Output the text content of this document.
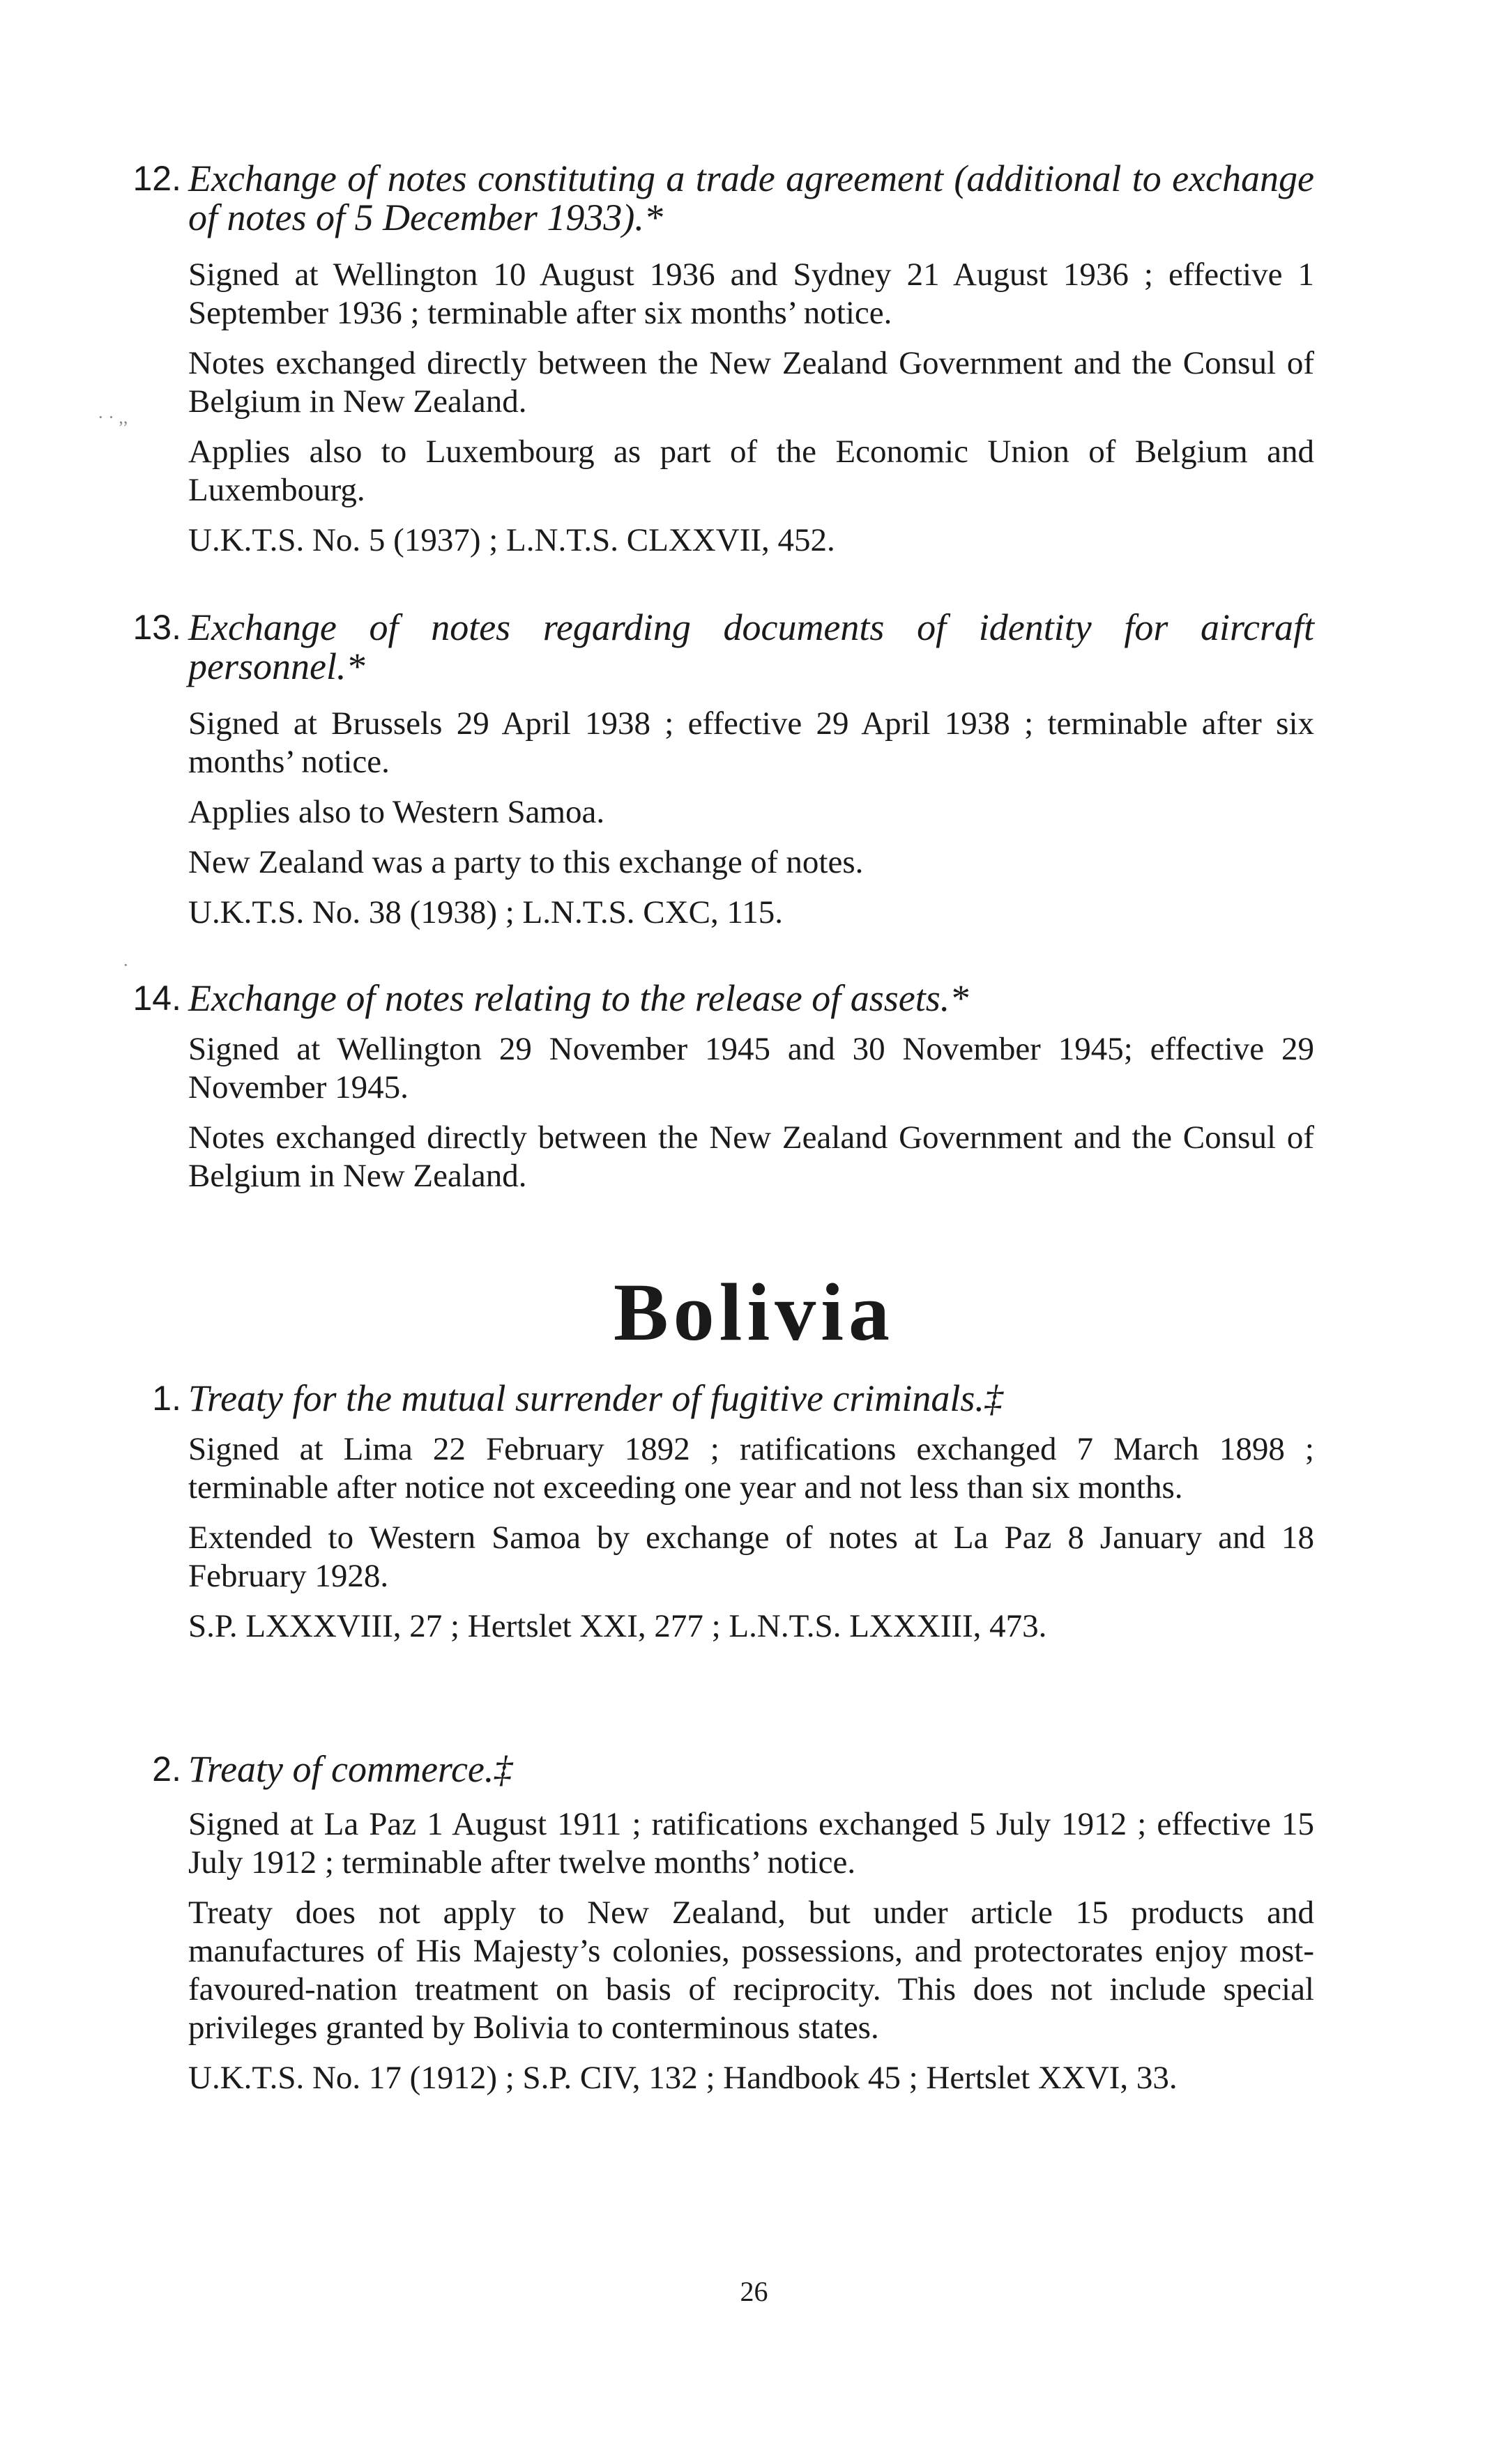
12. Exchange of notes constituting a trade agreement (additional to exchange of notes of 5 December 1933).*

Signed at Wellington 10 August 1936 and Sydney 21 August 1936 ; effective 1 September 1936 ; terminable after six months’ notice.

Notes exchanged directly between the New Zealand Government and the Consul of Belgium in New Zealand.

Applies also to Luxembourg as part of the Economic Union of Belgium and Luxembourg.

U.K.T.S. No. 5 (1937) ; L.N.T.S. CLXXVII, 452.

· · ,,
13. Exchange of notes regarding documents of identity for aircraft personnel.*

Signed at Brussels 29 April 1938 ; effective 29 April 1938 ; terminable after six months’ notice.

Applies also to Western Samoa.

New Zealand was a party to this exchange of notes.

U.K.T.S. No. 38 (1938) ; L.N.T.S. CXC, 115.

·
14. Exchange of notes relating to the release of assets.*

Signed at Wellington 29 November 1945 and 30 November 1945; effective 29 November 1945.

Notes exchanged directly between the New Zealand Government and the Consul of Belgium in New Zealand.

Bolivia
1. Treaty for the mutual surrender of fugitive criminals.‡

Signed at Lima 22 February 1892 ; ratifications exchanged 7 March 1898 ; terminable after notice not exceeding one year and not less than six months.

Extended to Western Samoa by exchange of notes at La Paz 8 January and 18 February 1928.

S.P. LXXXVIII, 27 ; Hertslet XXI, 277 ; L.N.T.S. LXXXIII, 473.

2. Treaty of commerce.‡

Signed at La Paz 1 August 1911 ; ratifications exchanged 5 July 1912 ; effective 15 July 1912 ; terminable after twelve months’ notice.

Treaty does not apply to New Zealand, but under article 15 products and manufactures of His Majesty’s colonies, possessions, and protectorates enjoy most-favoured-nation treatment on basis of reciprocity. This does not include special privileges granted by Bolivia to conterminous states.

U.K.T.S. No. 17 (1912) ; S.P. CIV, 132 ; Handbook 45 ; Hertslet XXVI, 33.

26
